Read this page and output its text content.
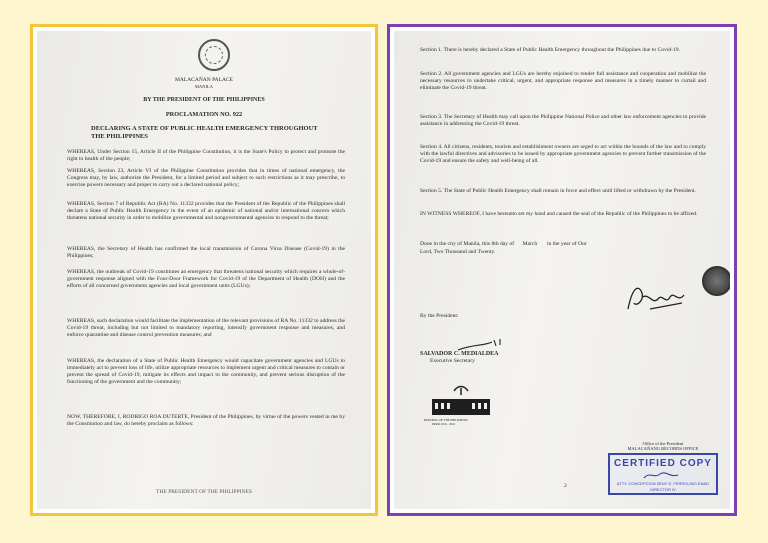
MALACAÑAN PALACE
MANILA
BY THE PRESIDENT OF THE PHILIPPINES
PROCLAMATION NO. 922
DECLARING A STATE OF PUBLIC HEALTH EMERGENCY THROUGHOUT THE PHILIPPINES
WHEREAS, Under Section 15, Article II of the Philippine Constitution, it is the State's Policy to protect and promote the right to health of the people;
WHEREAS, Section 23, Article VI of the Philippine Constitution provides that in times of national emergency, the Congress may, by law, authorize the President, for a limited period and subject to such restrictions as it may prescribe, to exercise powers necessary and proper to carry out a declared national policy;
WHEREAS, Section 7 of Republic Act (RA) No. 11332 provides that the President of the Republic of the Philippines shall declare a State of Public Health Emergency in the event of an epidemic of national and/or international concern which threatens national security in order to mobilize governmental and nongovernmental agencies to respond to the threat;
WHEREAS, the Secretary of Health has confirmed the local transmission of Corona Virus Disease (Covid-19) in the Philippines;
WHEREAS, the outbreak of Covid-19 constitutes an emergency that threatens national security which requires a whole-of-government response aligned with the Four-Door Framework for Covid-19 of the Department of Health (DOH) and the efforts of all concerned government agencies and local government units (LGUs);
WHEREAS, such declaration would facilitate the implementation of the relevant provisions of RA No. 11332 to address the Covid-19 threat, including but not limited to mandatory reporting, intensify government response and measures, and enforce quarantine and disease control prevention measures; and
WHEREAS, the declaration of a State of Public Health Emergency would capacitate government agencies and LGUs to immediately act to prevent loss of life, utilize appropriate resources to implement urgent and critical measures to contain or prevent the spread of Covid-19, mitigate its effects and impact to the community, and prevent serious disruption of the functioning of the government and the community;
NOW, THEREFORE, I, RODRIGO ROA DUTERTE, President of the Philippines, by virtue of the powers vested in me by the Constitution and law, do hereby proclaim as follows:
THE PRESIDENT OF THE PHILIPPINES
Section 1. There is hereby declared a State of Public Health Emergency throughout the Philippines due to Covid-19.
Section 2. All government agencies and LGUs are hereby enjoined to render full assistance and cooperation and mobilize the necessary resources to undertake critical, urgent, and appropriate response and measures in a timely manner to curtail and eliminate the Covid-19 threat.
Section 3. The Secretary of Health may call upon the Philippine National Police and other law enforcement agencies to provide assistance in addressing the Covid-19 threat.
Section 4. All citizens, residents, tourists and establishment owners are urged to act within the bounds of the law and to comply with the lawful directives and advisories to be issued by appropriate government agencies to prevent further transmission of the Covid-19 and ensure the safety and well-being of all.
Section 5. The State of Public Health Emergency shall remain in force and effect until lifted or withdrawn by the President.
IN WITNESS WHEREOF, I have hereunto set my hand and caused the seal of the Republic of the Philippines to be affixed.
Done in the city of Manila, this 8th day of      March       in the year of Our
Lord, Two Thousand and Twenty.
By the President:
SALVADOR C. MEDIALDEA
Executive Secretary
REPUBLIC OF THE PHILIPPINES
PRRD 2016 - 2022
Office of the President
MALACAÑANG RECORDS OFFICE
CERTIFIED COPY
ATTY. CONCEPCION ZENY E. FERROLINO-ENAD
DIRECTOR IV
2
